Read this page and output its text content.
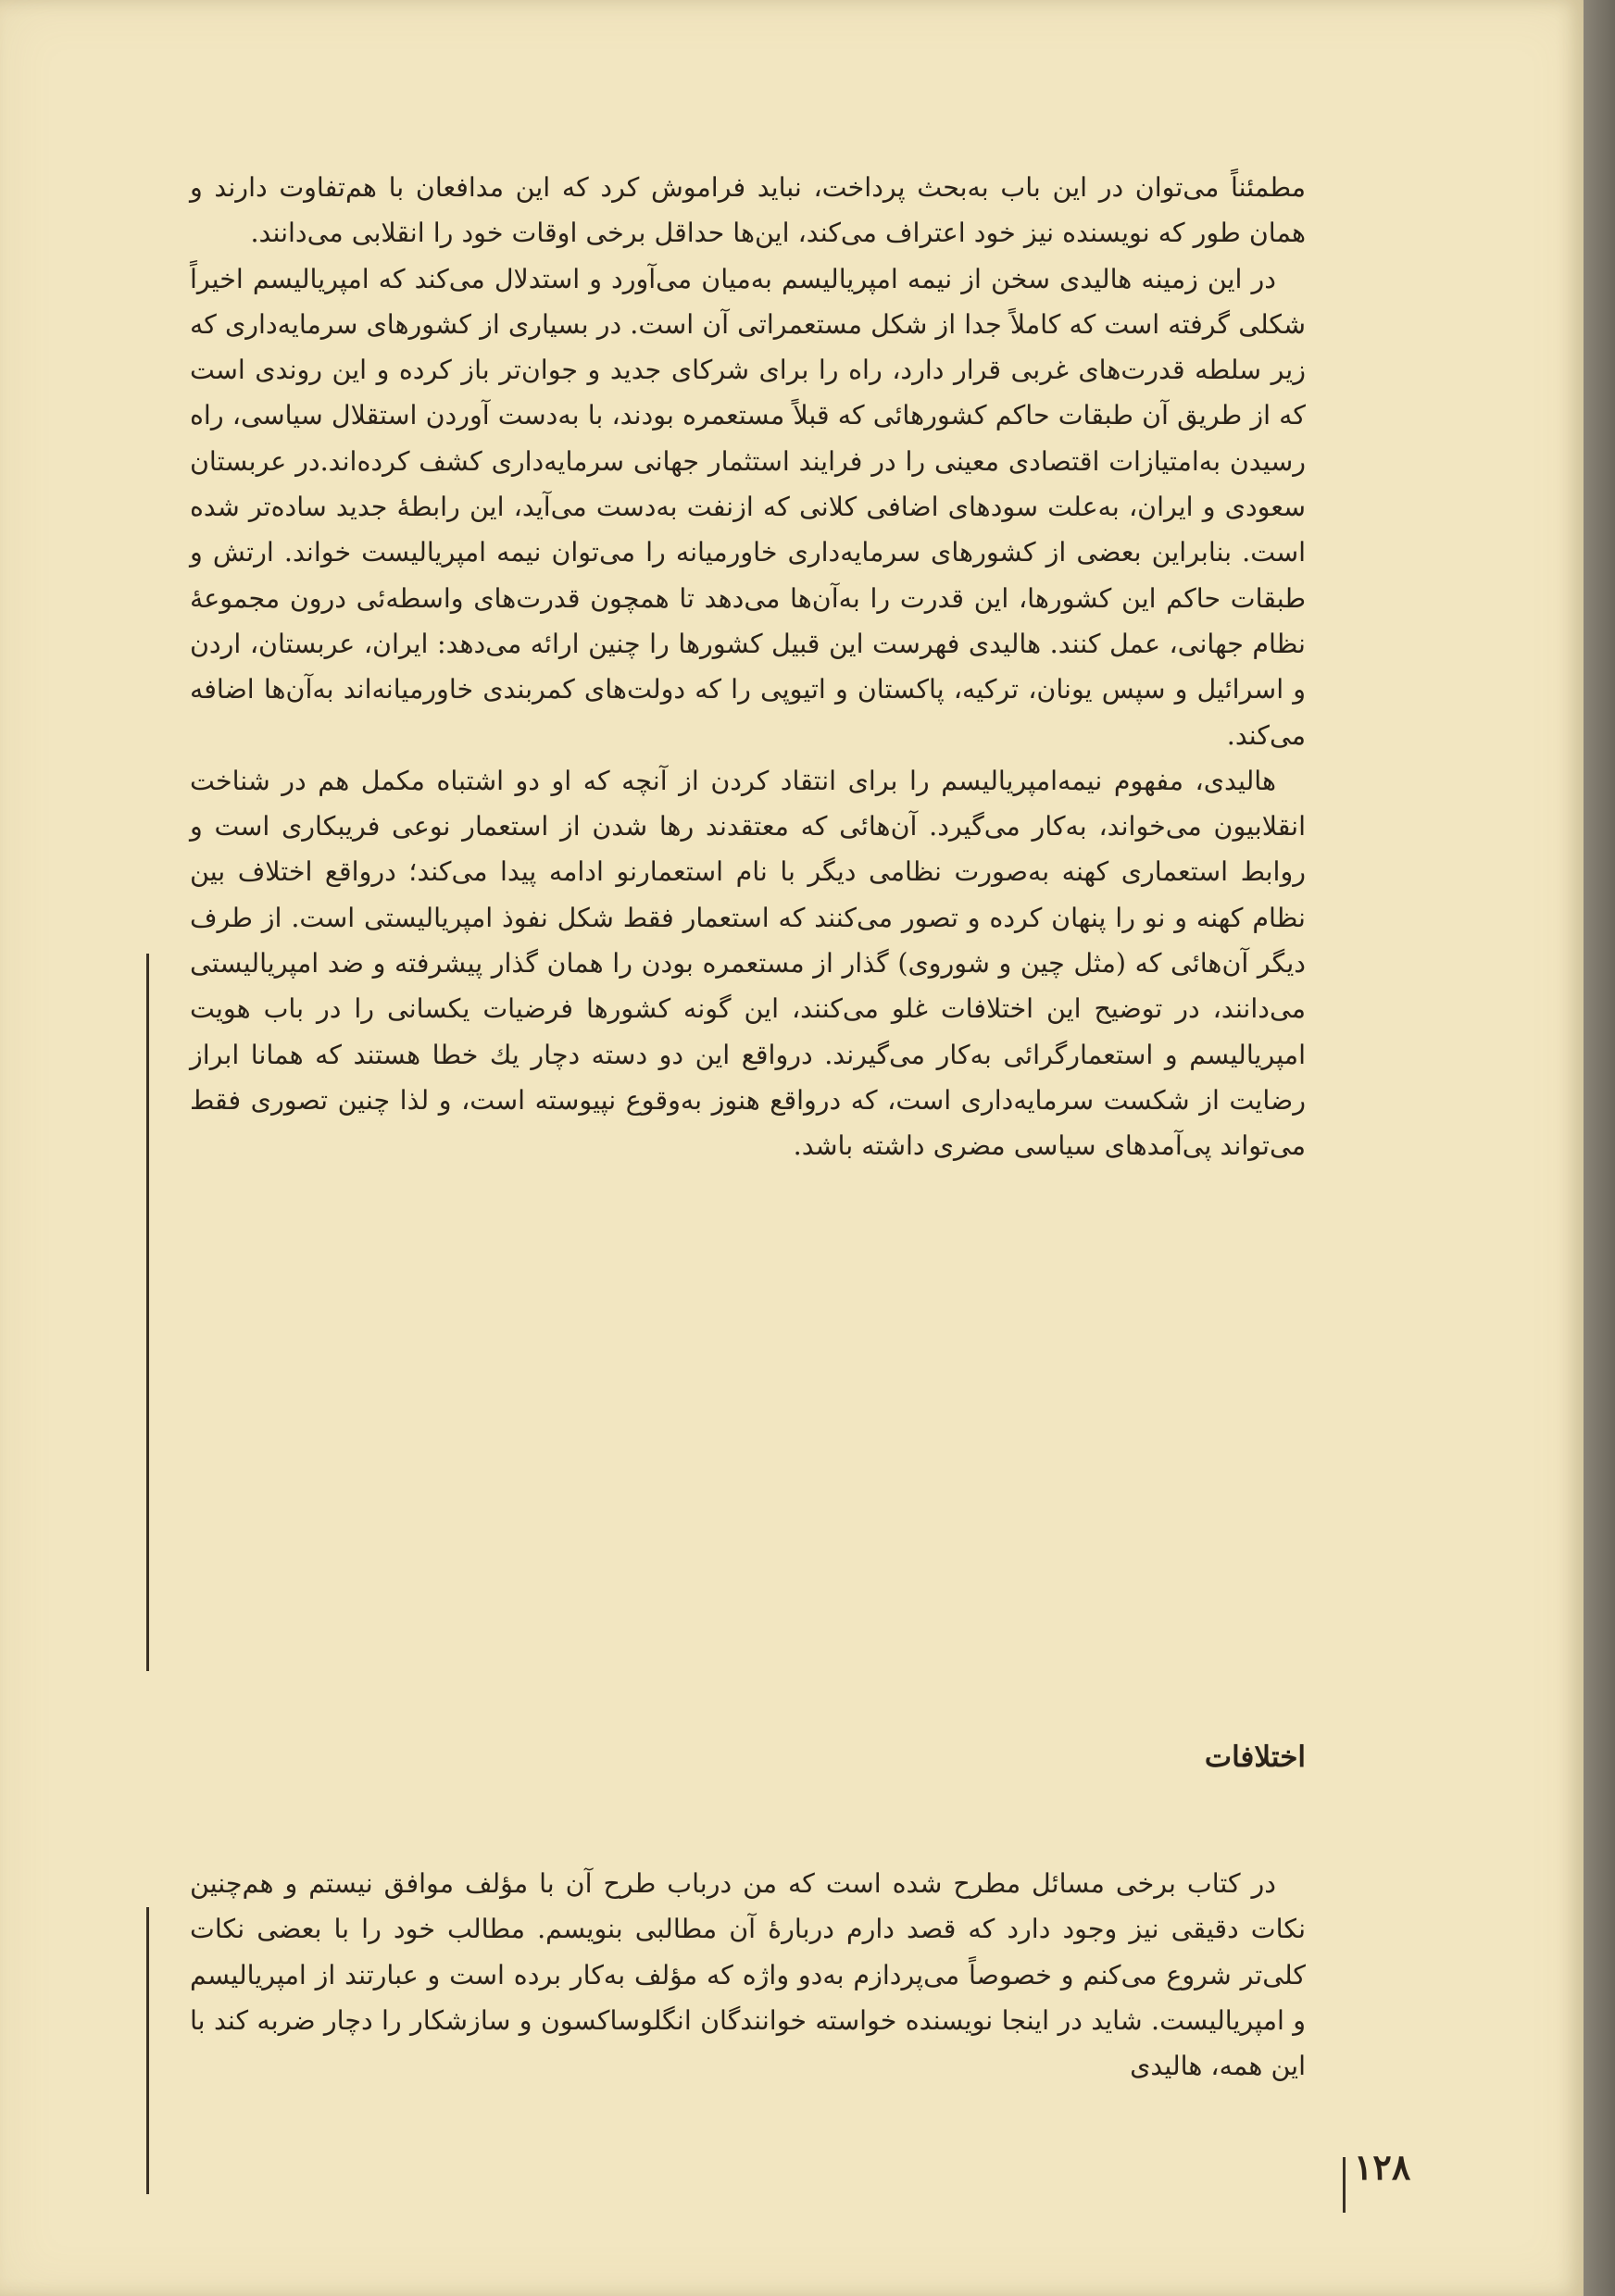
مطمئناً می‌توان در این باب به‌بحث پرداخت، نباید فراموش کرد که این مدافعان با هم‌تفاوت دارند و همان طور که نویسنده نیز خود اعتراف می‌کند، این‌ها حداقل برخی اوقات خود را انقلابی می‌دانند.

در این زمینه هالیدی سخن از نیمه امپریالیسم به‌میان می‌آورد و استدلال می‌کند که امپریالیسم اخیراً شکلی گرفته است که کاملاً جدا از شکل مستعمراتی آن است. در بسیاری از کشورهای سرمایه‌داری که زیر سلطه قدرت‌های غربی قرار دارد، راه را برای شرکای جدید و جوان‌تر باز کرده و این روندی است که از طریق آن طبقات حاکم کشورهائی که قبلاً مستعمره بودند، با به‌دست آوردن استقلال سیاسی، راه رسیدن به‌امتیازات اقتصادی معینی را در فرایند استثمار جهانی سرمایه‌داری کشف کرده‌اند.در عربستان سعودی و ایران، به‌علت سودهای اضافی کلانی که ازنفت به‌دست می‌آید، این رابطهٔ جدید ساده‌تر شده است. بنابراین بعضی از کشورهای سرمایه‌داری خاورمیانه را می‌توان نیمه امپریالیست خواند. ارتش و طبقات حاکم این کشورها، این قدرت را به‌آن‌ها می‌دهد تا همچون قدرت‌های واسطه‌ئی درون مجموعهٔ نظام جهانی، عمل کنند. هالیدی فهرست این قبیل کشورها را چنین ارائه می‌دهد: ایران، عربستان، اردن و اسرائیل و سپس یونان، ترکیه، پاکستان و اتیوپی را که دولت‌های کمربندی خاورمیانه‌اند به‌آن‌ها اضافه می‌کند.

هالیدی، مفهوم نیمه‌امپریالیسم را برای انتقاد کردن از آنچه که او دو اشتباه مکمل هم در شناخت انقلابیون می‌خواند، به‌کار می‌گیرد. آن‌هائی که معتقدند رها شدن از استعمار نوعی فریبکاری است و روابط استعماری کهنه به‌صورت نظامی دیگر با نام استعمارنو ادامه پیدا می‌کند؛ درواقع اختلاف بین نظام کهنه و نو را پنهان کرده و تصور می‌کنند که استعمار فقط شکل نفوذ امپریالیستی است. از طرف دیگر آن‌هائی که (مثل چین و شوروی) گذار از مستعمره بودن را همان گذار پیشرفته و ضد امپریالیستی می‌دانند، در توضیح این اختلافات غلو می‌کنند، این گونه کشورها فرضیات یکسانی را در باب هویت امپریالیسم و استعمارگرائی به‌کار می‌گیرند. درواقع این دو دسته دچار یك خطا هستند که همانا ابراز رضایت از شکست سرمایه‌داری است، که درواقع هنوز به‌وقوع نپیوسته است، و لذا چنین تصوری فقط می‌تواند پی‌آمدهای سیاسی مضری داشته باشد.

اختلافات

در کتاب برخی مسائل مطرح شده است که من درباب طرح آن با مؤلف موافق نیستم و هم‌چنین نکات دقیقی نیز وجود دارد که قصد دارم دربارهٔ آن مطالبی بنویسم. مطالب خود را با بعضی نکات کلی‌تر شروع می‌کنم و خصوصاً می‌پردازم به‌دو واژه که مؤلف به‌کار برده است و عبارتند از امپریالیسم و امپریالیست. شاید در اینجا نویسنده خواسته خوانندگان انگلوساکسون و سازشکار را دچار ضربه کند با این همه، هالیدی

۱۲۸
